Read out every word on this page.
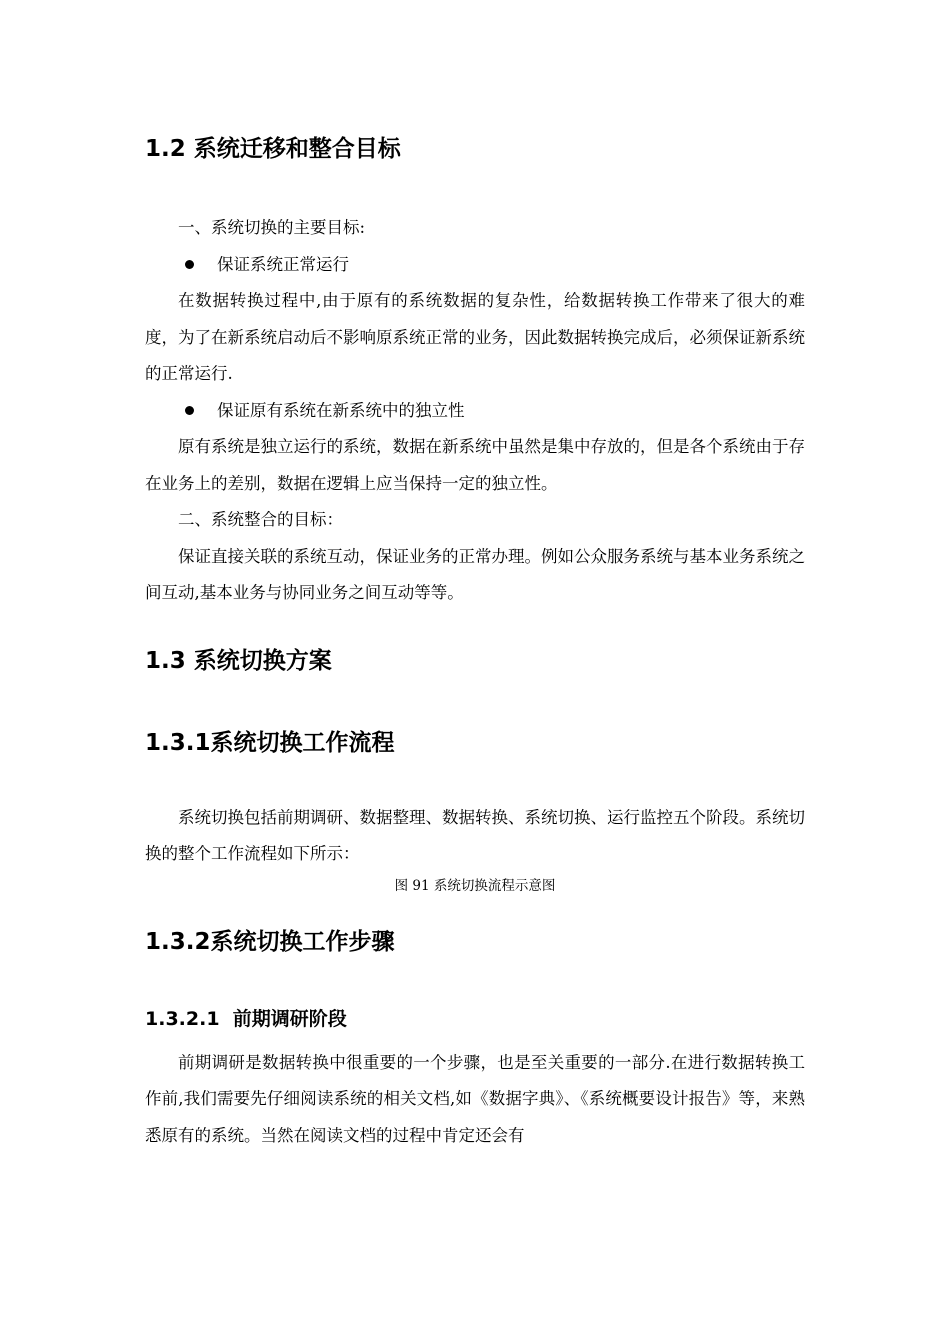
1.2 系统迁移和整合目标

一、系统切换的主要目标:

保证系统正常运行

在数据转换过程中,由于原有的系统数据的复杂性，给数据转换工作带来了很大的难度，为了在新系统启动后不影响原系统正常的业务，因此数据转换完成后，必须保证新系统的正常运行.

保证原有系统在新系统中的独立性

原有系统是独立运行的系统，数据在新系统中虽然是集中存放的，但是各个系统由于存在业务上的差别，数据在逻辑上应当保持一定的独立性。

二、系统整合的目标：

保证直接关联的系统互动，保证业务的正常办理。例如公众服务系统与基本业务系统之间互动,基本业务与协同业务之间互动等等。

1.3 系统切换方案
1.3.1系统切换工作流程

系统切换包括前期调研、数据整理、数据转换、系统切换、运行监控五个阶段。系统切换的整个工作流程如下所示：

图 91 系统切换流程示意图

1.3.2系统切换工作步骤
1.3.2.1  前期调研阶段

前期调研是数据转换中很重要的一个步骤，也是至关重要的一部分.在进行数据转换工作前,我们需要先仔细阅读系统的相关文档,如《数据字典》、《系统概要设计报告》等，来熟悉原有的系统。当然在阅读文档的过程中肯定还会有
